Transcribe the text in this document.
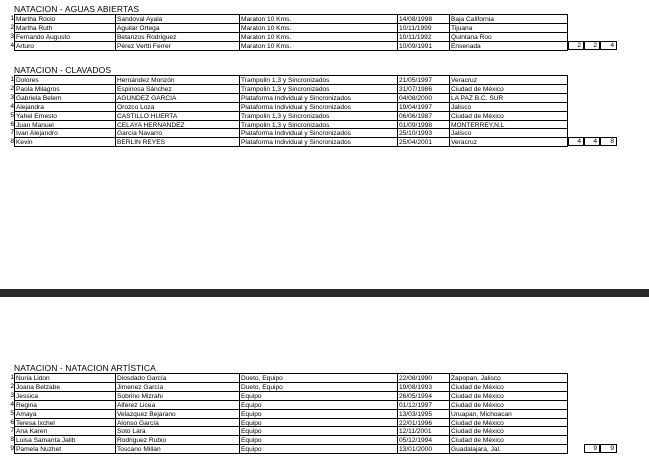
NATACION - AGUAS ABIERTAS
1 Martha Rocio	Sandoval Ayala	Maraton 10 Kms.	14/08/1998	Baja California
2 Martha Ruth	Aguilar Ortega	Maraton 10 Kms.	10/11/1999	Tijuana
3 Fernando Augusto	Betanzos Rodriguez	Maraton 10 Kms.	10/11/1992	Quintana Roo
4 Arturo	Pérez Vertti Ferrer	Maraton 10 Kms.	10/09/1991	Ensenada	2	2	4
NATACION - CLAVADOS
1 Dolores	Hernández Monzón	Trampolin 1,3 y Sincronizados	21/05/1997	Veracruz
2 Paola Milagros	Espinosa Sánchez	Trampolin 1,3 y Sincronizados	31/07/1986	Ciudad de México
3 Gabriela Belem	AGUNDEZ GARCIA	Plataforma Individual y Sincronizados	04/08/2000	LA PAZ B.C. SUR
4 Alejandra	Orozco Loza	Plataforma Individual y Sincronizados	19/04/1997	Jalisco
5 Yahel Ernesto	CASTILLO HUERTA	Trampolin 1,3 y Sincronizados	06/06/1987	Ciudad de México
6 Juan Manuel	CELAYA HERNANDEZ	Trampolin 1,3 y Sincronizados	01/09/1998	MONTERREY,N.L
7 Ivan Alejandro	García Navarro	Plataforma Individual y Sincronizados	25/10/1993	Jalisco
8 Kevin	BERLIN REYES	Plataforma Individual y Sincronizados	25/04/2001	Veracruz	4	4	8
NATACION - NATACION ARTÍSTICA
1 Nuria Lidon	Diosdado García	Dueto, Equipo	22/08/1990	Zapopan, Jalisco
2 Joana Betzabe	Jimenez García	Dueto, Equipo	19/08/1993	Ciudad de México
3 Jessica	Sobrino Mizrahi	Equipo	26/05/1994	Ciudad de México
4 Regina	Alferez Licea	Equipo	01/12/1997	Ciudad de México
5 Amaya	Velazquez Bejarano	Equipo	13/03/1995	Uruapan, Michoacan
6 Teresa Ixchel	Alonso García	Equipo	22/01/1996	Ciudad de México
7 Ana Karen	Soto Lara	Equipo	12/11/2001	Ciudad de México
8 Luisa Samanta Jalib	Rodriguez Rubio	Equipo	05/12/1994	Ciudad de México
9 Pamela Nuzhet	Toscano Millan	Equipo	13/01/2000	Guadalajara, Jal.	9	9
